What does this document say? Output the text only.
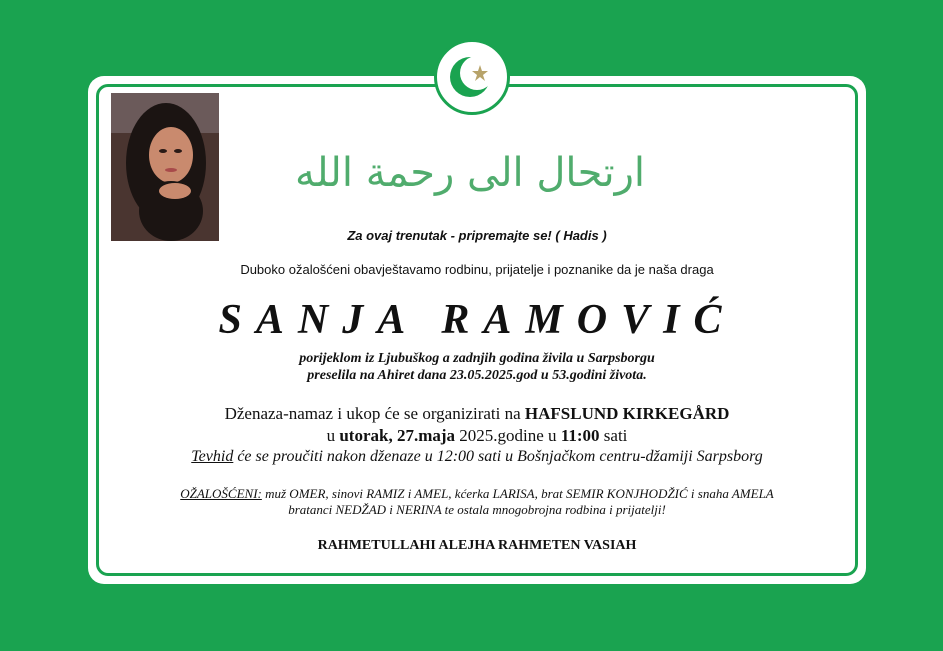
ارتحال الى رحمة الله

Za ovaj trenutak - pripremajte se! ( Hadis )

Duboko ožalošćeni obavještavamo rodbinu, prijatelje i poznanike da je naša draga

SANJA RAMOVIĆ

porijeklom iz Ljubuškog a zadnjih godina živila u Sarpsborgu
preselila na Ahiret dana 23.05.2025.god u 53.godini života.

Dženaza-namaz i ukop će se organizirati na HAFSLUND KIRKEGÅRD

u utorak, 27.maja 2025.godine u 11:00 sati

Tevhid će se proučiti nakon dženaze u 12:00 sati u Bošnjačkom centru-džamiji Sarpsborg

OŽALOŠĆENI: muž OMER, sinovi RAMIZ i AMEL, kćerka LARISA, brat SEMIR KONJHODŽIĆ i snaha AMELA
bratanci NEDŽAD i NERINA te ostala mnogobrojna rodbina i prijatelji!

RAHMETULLAHI ALEJHA RAHMETEN VASIAH
